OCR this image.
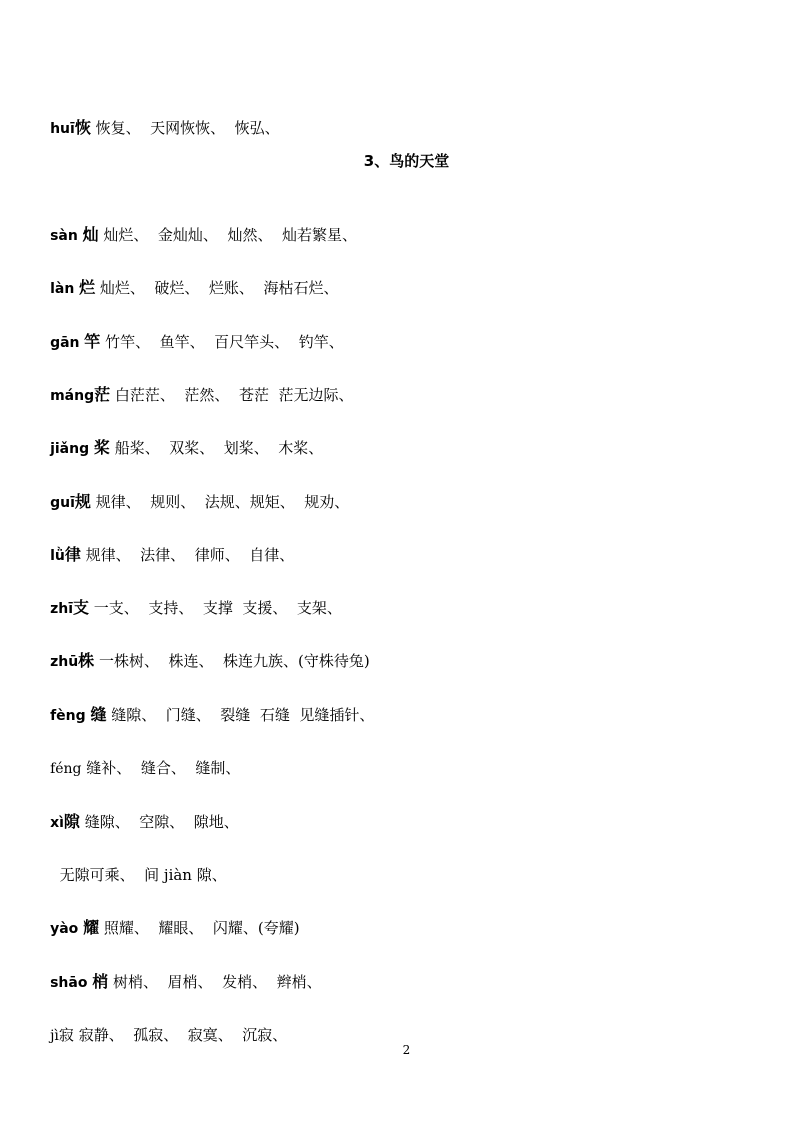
huī恢 恢复、  天网恢恢、  恢弘、

3、鸟的天堂

sàn 灿 灿烂、  金灿灿、  灿然、  灿若繁星、

làn 烂 灿烂、  破烂、  烂账、  海枯石烂、

gān 竿 竹竿、  鱼竿、  百尺竿头、  钓竿、

máng茫 白茫茫、  茫然、  苍茫  茫无边际、

jiǎng 桨 船桨、  双桨、  划桨、  木桨、

guī规 规律、  规则、  法规、规矩、  规劝、

lǜ律 规律、  法律、  律师、  自律、

zhī支 一支、  支持、  支撑  支援、  支架、

zhū株 一株树、  株连、  株连九族、(守株待兔)

fèng 缝 缝隙、  门缝、  裂缝  石缝  见缝插针、

féng 缝补、  缝合、  缝制、

xì隙 缝隙、  空隙、  隙地、

无隙可乘、  间 jiàn 隙、

yào 耀 照耀、  耀眼、  闪耀、(夸耀)

shāo 梢 树梢、  眉梢、  发梢、  辫梢、

jì寂 寂静、  孤寂、  寂寞、  沉寂、

2
